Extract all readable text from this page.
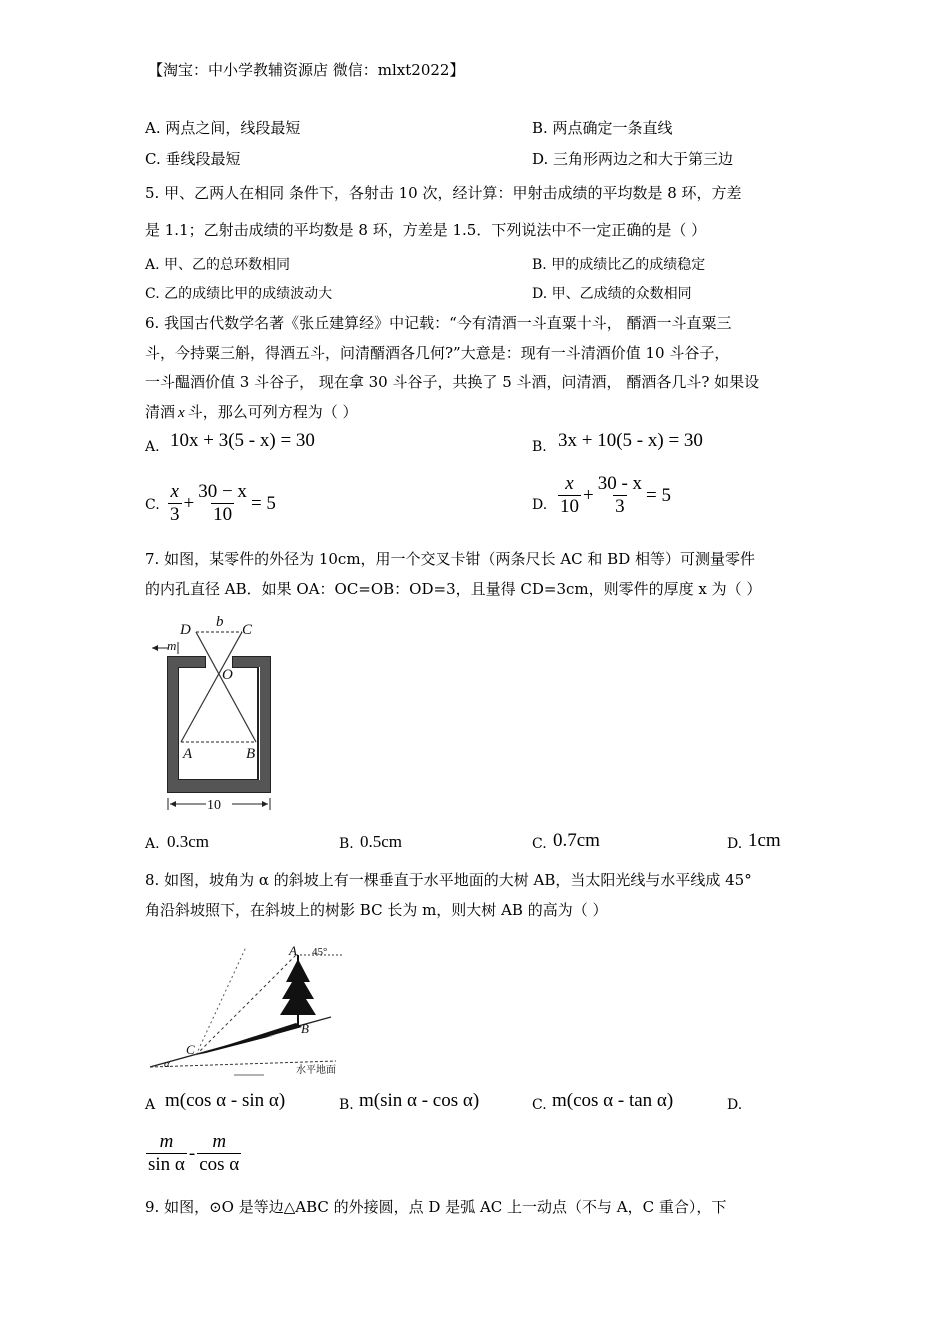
【淘宝：中小学教辅资源店 微信：mlxt2022】
A. 两点之间，线段最短	B. 两点确定一条直线
C. 垂线段最短	D. 三角形两边之和大于第三边
5. 甲、乙两人在相同 条件下，各射击 10 次，经计算：甲射击成绩的平均数是 8 环，方差
是 1.1；乙射击成绩的平均数是 8 环，方差是 1.5．下列说法中不一定正确的是（ ）
A. 甲、乙的总环数相同	B. 甲的成绩比乙的成绩稳定
C. 乙的成绩比甲的成绩波动大	D. 甲、乙成绩的众数相同
6. 我国古代数学名著《张丘建算经》中记载：“今有清酒一斗直粟十斗， 醑酒一斗直粟三
斗，今持粟三斛，得酒五斗，问清醑酒各几何?”大意是：现有一斗清酒价值 10 斗谷子，
一斗醖酒价值 3 斗谷子， 现在拿 30 斗谷子，共换了 5 斗酒，问清酒， 醑酒各几斗? 如果设
清酒 x 斗，那么可列方程为（ ）
A. 10x + 3(5 - x) = 30	B. 3x + 10(5 - x) = 30
C. $\frac{x}{3} + \frac{30 - x}{10} = 5$	D. $\frac{x}{10} + \frac{30 - x}{3} = 5$
7. 如图，某零件的外径为 10cm，用一个交叉卡钳（两条尺长 AC 和 BD 相等）可测量零件
的内孔直径 AB．如果 OA：OC=OB：OD=3，且量得 CD=3cm，则零件的厚度 x 为（ ）
D b C
m
O
A	B
10
A. 0.3cm	B. 0.5cm	C. 0.7cm	D. 1cm
8. 如图，坡角为 α 的斜坡上有一棵垂直于水平地面的大树 AB，当太阳光线与水平线成 45°
角沿斜坡照下，在斜坡上的树影 BC 长为 m，则大树 AB 的高为（ ）
A
B
C
α
45°
水平地面
A m(cos α - sin α)	B. m(sin α - cos α)	C. m(cos α - tan α)	D.
$\frac{m}{\text{sin α}} - \frac{m}{\text{cos α}}$
9. 如图，⊙O 是等边△ABC 的外接圆，点 D 是弧 AC 上一动点（不与 A，C 重合），下
